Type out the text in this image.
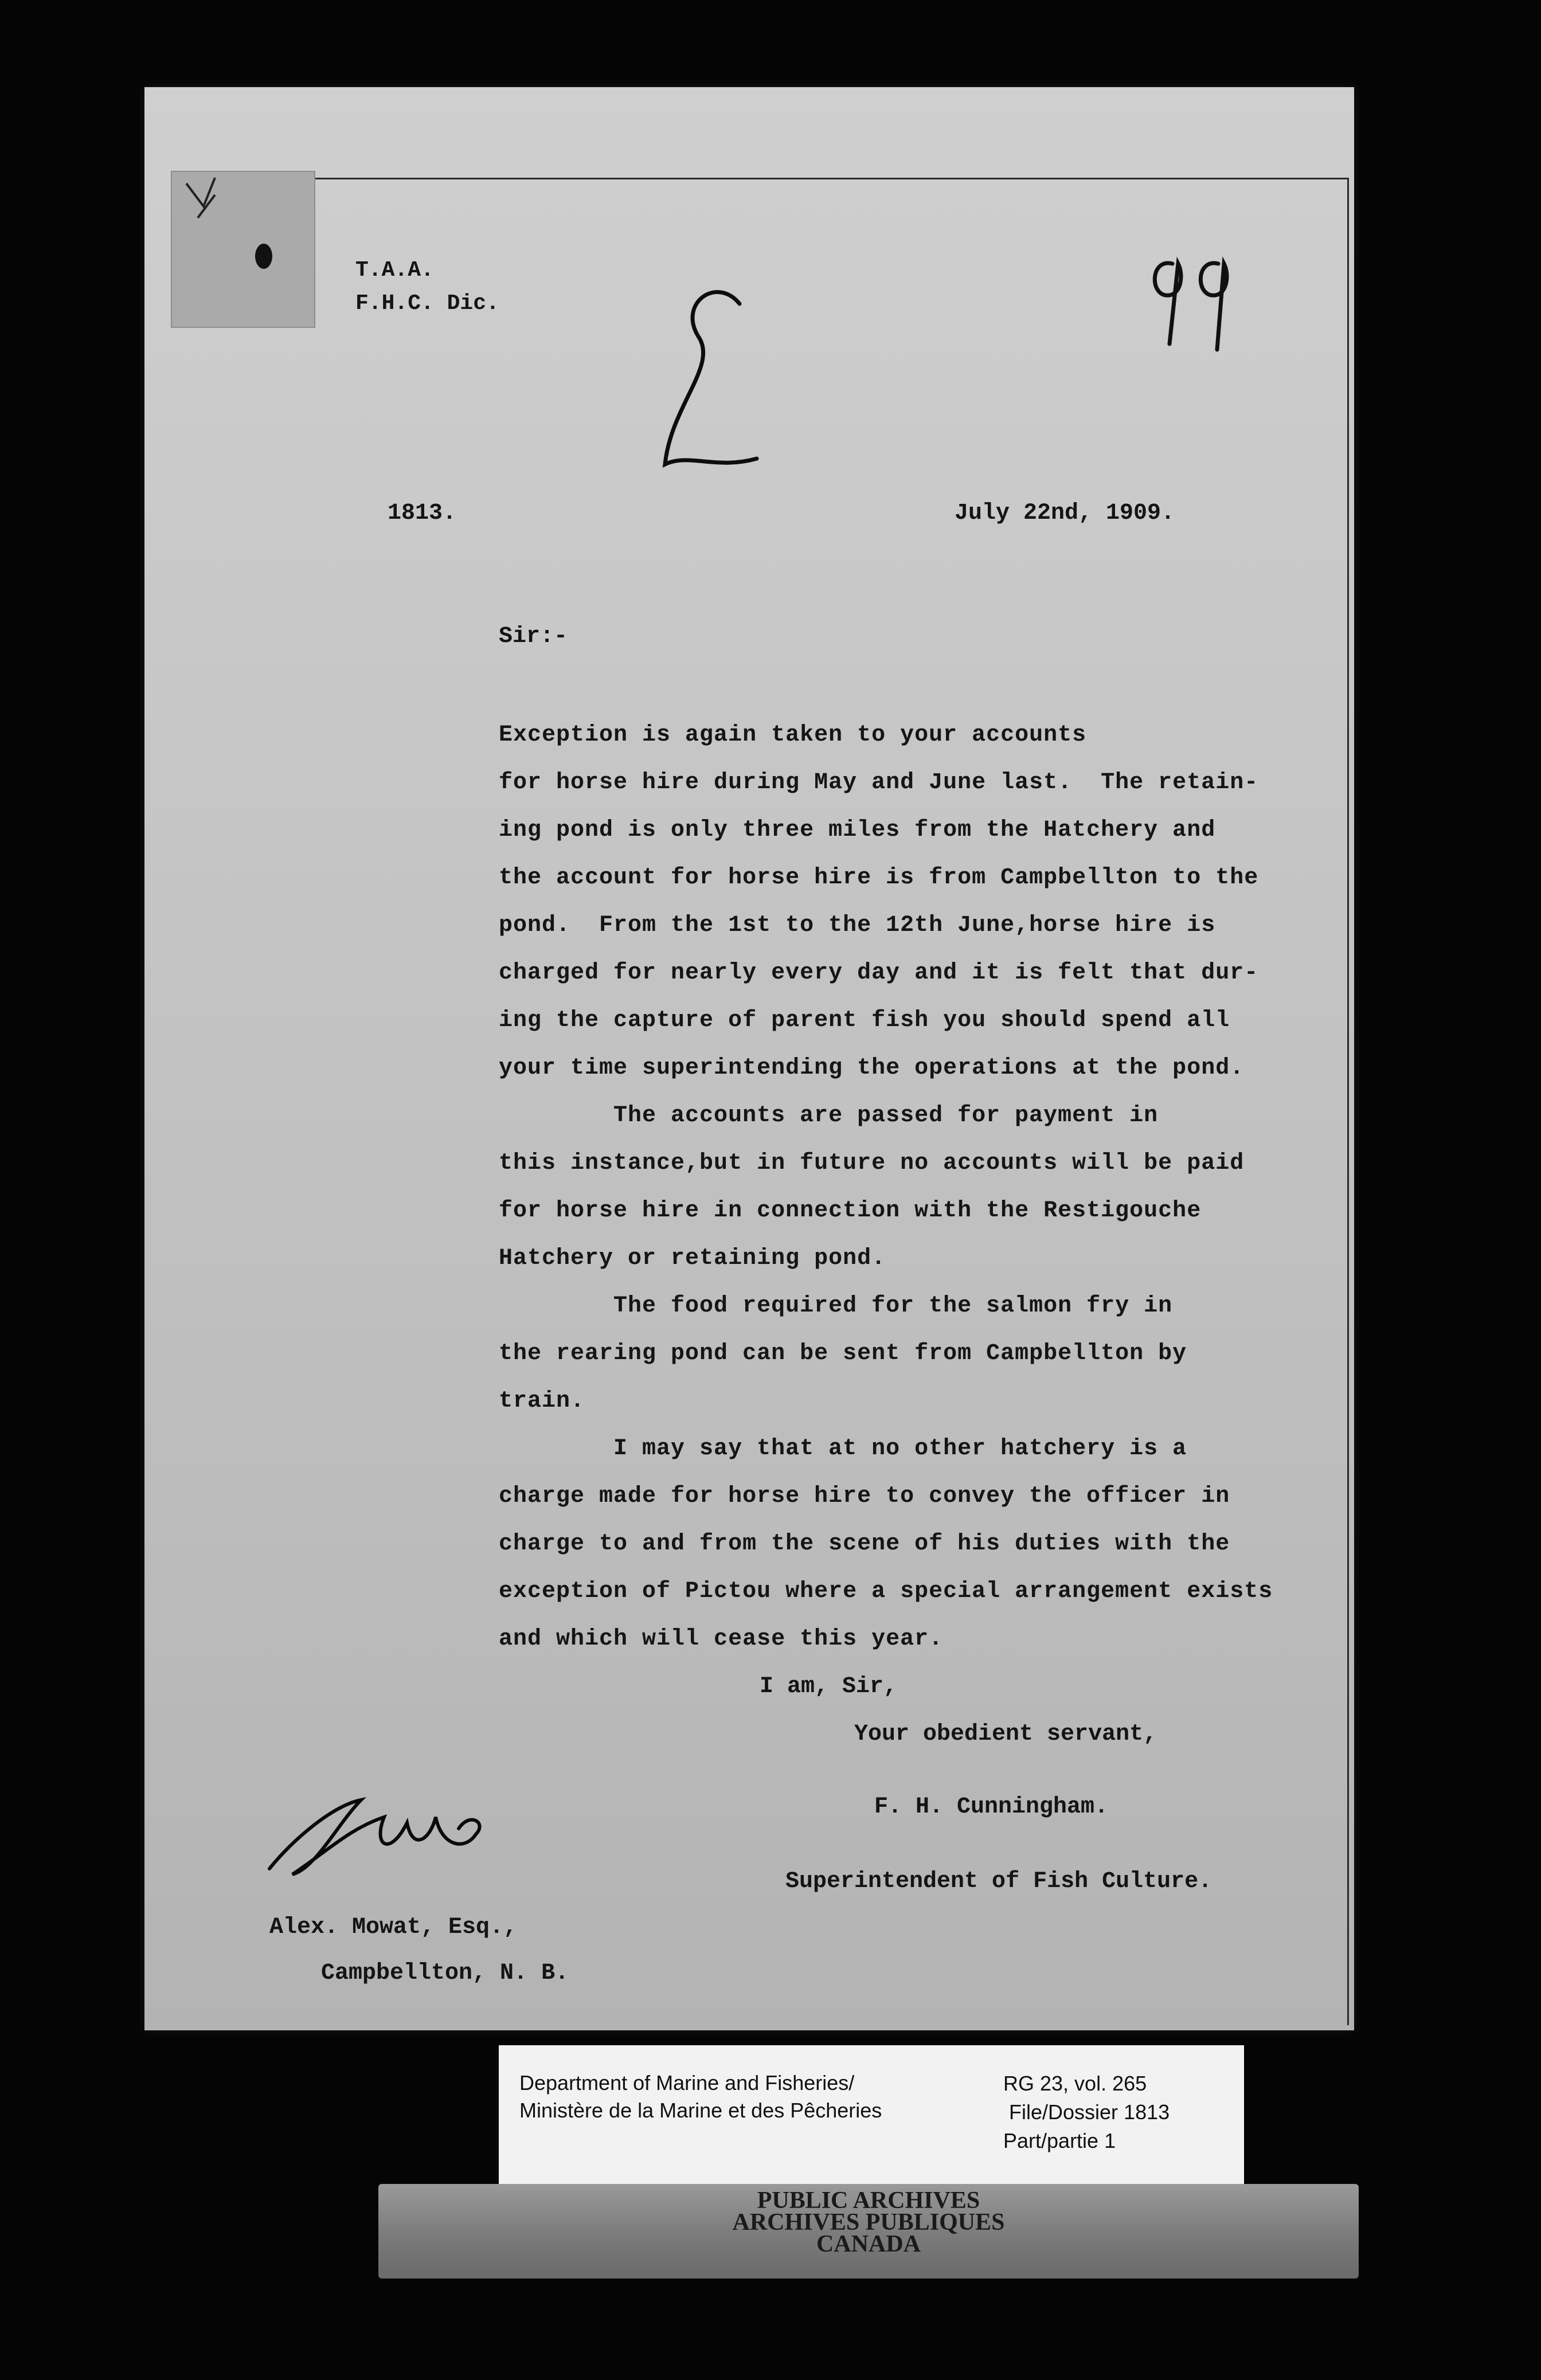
T.A.A.
F.H.C. Dic.
1813.	July 22nd, 1909.
Sir:-
Exception is again taken to your accounts
for horse hire during May and June last.  The retain-
ing pond is only three miles from the Hatchery and
the account for horse hire is from Campbellton to the
pond.  From the 1st to the 12th June,horse hire is
charged for nearly every day and it is felt that dur-
ing the capture of parent fish you should spend all
your time superintending the operations at the pond.
The accounts are passed for payment in
this instance,but in future no accounts will be paid
for horse hire in connection with the Restigouche
Hatchery or retaining pond.
The food required for the salmon fry in
the rearing pond can be sent from Campbellton by
train.
I may say that at no other hatchery is a
charge made for horse hire to convey the officer in
charge to and from the scene of his duties with the
exception of Pictou where a special arrangement exists
and which will cease this year.
I am, Sir,
Your obedient servant,
F. H. Cunningham.
Superintendent of Fish Culture.
Alex. Mowat, Esq.,
Campbellton, N. B.
Department of Marine and Fisheries/
Ministère de la Marine et des Pêcheries
RG 23, vol. 265
File/Dossier 1813
Part/partie 1
PUBLIC ARCHIVES
ARCHIVES PUBLIQUES
CANADA
